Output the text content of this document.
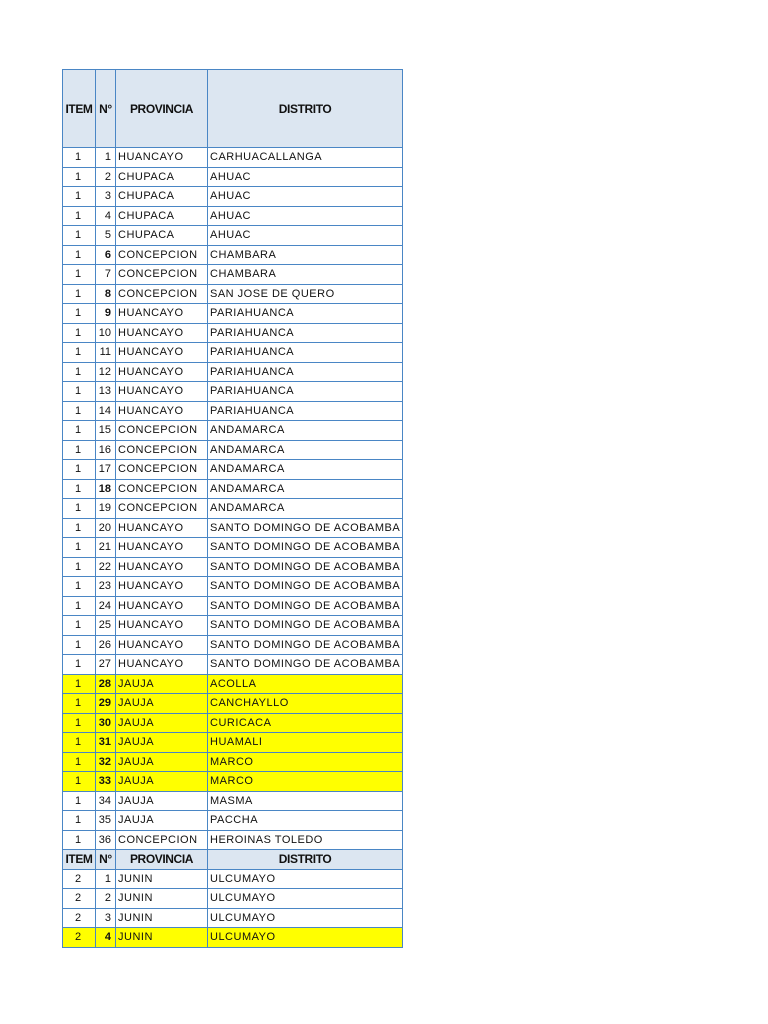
ITEM	N°	PROVINCIA	DISTRITO
1	1	HUANCAYO	CARHUACALLANGA
1	2	CHUPACA	AHUAC
1	3	CHUPACA	AHUAC
1	4	CHUPACA	AHUAC
1	5	CHUPACA	AHUAC
1	6	CONCEPCION	CHAMBARA
1	7	CONCEPCION	CHAMBARA
1	8	CONCEPCION	SAN JOSE DE QUERO
1	9	HUANCAYO	PARIAHUANCA
1	10	HUANCAYO	PARIAHUANCA
1	11	HUANCAYO	PARIAHUANCA
1	12	HUANCAYO	PARIAHUANCA
1	13	HUANCAYO	PARIAHUANCA
1	14	HUANCAYO	PARIAHUANCA
1	15	CONCEPCION	ANDAMARCA
1	16	CONCEPCION	ANDAMARCA
1	17	CONCEPCION	ANDAMARCA
1	18	CONCEPCION	ANDAMARCA
1	19	CONCEPCION	ANDAMARCA
1	20	HUANCAYO	SANTO DOMINGO DE ACOBAMBA
1	21	HUANCAYO	SANTO DOMINGO DE ACOBAMBA
1	22	HUANCAYO	SANTO DOMINGO DE ACOBAMBA
1	23	HUANCAYO	SANTO DOMINGO DE ACOBAMBA
1	24	HUANCAYO	SANTO DOMINGO DE ACOBAMBA
1	25	HUANCAYO	SANTO DOMINGO DE ACOBAMBA
1	26	HUANCAYO	SANTO DOMINGO DE ACOBAMBA
1	27	HUANCAYO	SANTO DOMINGO DE ACOBAMBA
1	28	JAUJA	ACOLLA
1	29	JAUJA	CANCHAYLLO
1	30	JAUJA	CURICACA
1	31	JAUJA	HUAMALI
1	32	JAUJA	MARCO
1	33	JAUJA	MARCO
1	34	JAUJA	MASMA
1	35	JAUJA	PACCHA
1	36	CONCEPCION	HEROINAS TOLEDO
ITEM	N°	PROVINCIA	DISTRITO
2	1	JUNIN	ULCUMAYO
2	2	JUNIN	ULCUMAYO
2	3	JUNIN	ULCUMAYO
2	4	JUNIN	ULCUMAYO
